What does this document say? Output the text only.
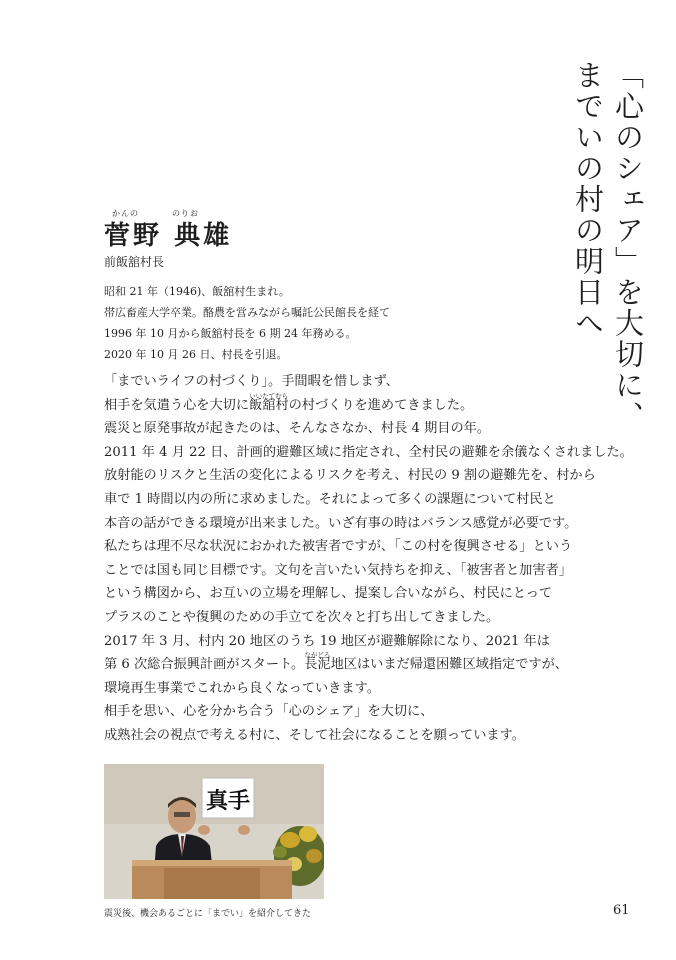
「心のシェア」を大切に、
までいの村の明日へ
かんの	のりお
菅野 典雄
前飯舘村長
昭和 21 年（1946)、飯舘村生まれ。
帯広畜産大学卒業。酪農を営みながら嘱託公民館長を経て
1996 年 10 月から飯舘村長を 6 期 24 年務める。
2020 年 10 月 26 日、村長を引退。
「までいライフの村づくり」。手間暇を惜しまず、
相手を気遣う心を大切に飯舘
いいたてむら
村の村づくりを進めてきました。
震災と原発事故が起きたのは、そんなさなか、村長 4 期目の年。
2011 年 4 月 22 日、計画的避難区域に指定され、全村民の避難を余儀なくされました。
放射能のリスクと生活の変化によるリスクを考え、村民の 9 割の避難先を、村から
車で 1 時間以内の所に求めました。それによって多くの課題について村民と
本音の話ができる環境が出来ました。いざ有事の時はバランス感覚が必要です。
私たちは理不尽な状況におかれた被害者ですが、「この村を復興させる」という
ことでは国も同じ目標です。文句を言いたい気持ちを抑え、「被害者と加害者」
という構図から、お互いの立場を理解し、提案し合いながら、村民にとって
プラスのことや復興のための手立てを次々と打ち出してきました。
2017 年 3 月、村内 20 地区のうち 19 地区が避難解除になり、2021 年は
第 6 次総合振興計画がスタート。長泥
ながどろ
地区はいまだ帰還困難区域指定ですが、
環境再生事業でこれから良くなっていきます。
相手を思い、心を分かち合う「心のシェア」を大切に、
成熟社会の視点で考える村に、そして社会になることを願っています。
真手
震災後、機会あるごとに「までい」を紹介してきた	61
